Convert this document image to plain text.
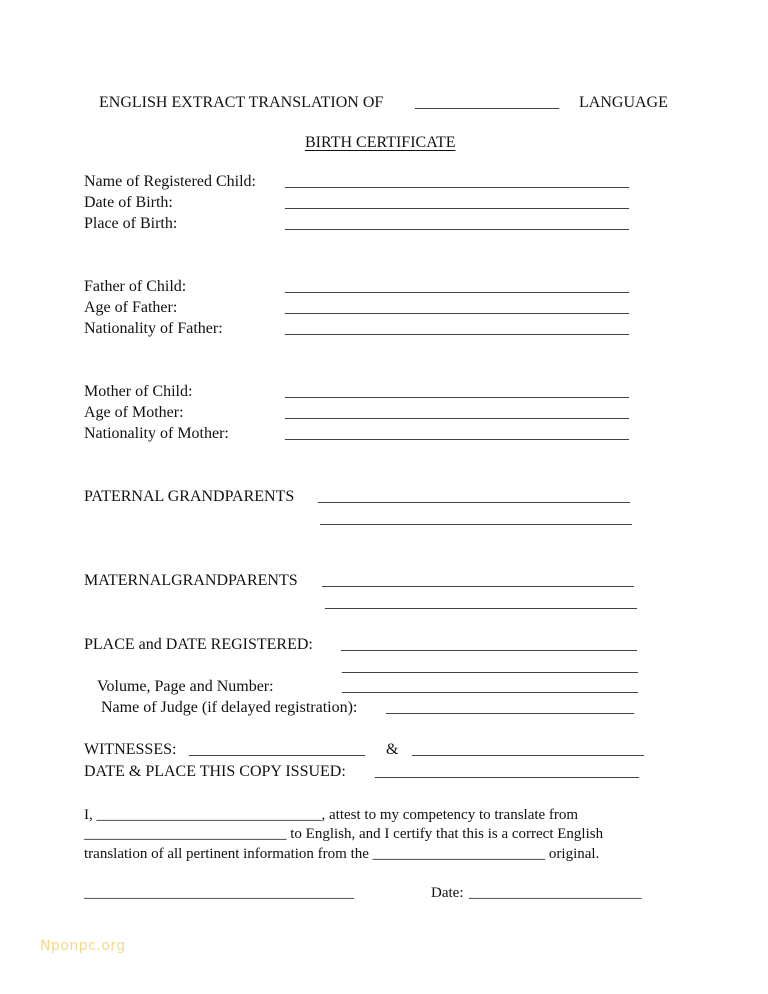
ENGLISH EXTRACT TRANSLATION OF __________________ LANGUAGE
BIRTH CERTIFICATE
Name of Registered Child: ___________________________________________
Date of Birth:	___________________________________________
Place of Birth:	___________________________________________
Father of Child:	___________________________________________
Age of Father:	___________________________________________
Nationality of Father:	___________________________________________
Mother of Child:	___________________________________________
Age of Mother:	___________________________________________
Nationality of Mother:	___________________________________________
PATERNAL GRANDPARENTS _______________________________________
_______________________________________
MATERNALGRANDPARENTS _______________________________________
_______________________________________
PLACE and DATE REGISTERED: _____________________________________
_____________________________________
Volume, Page and Number:	_____________________________________
Name of Judge (if delayed registration): _______________________________
WITNESSES: ______________________ & _____________________________
DATE & PLACE THIS COPY ISSUED: _________________________________
I, ______________________________, attest to my competency to translate from
___________________________ to English, and I certify that this is a correct English
translation of all pertinent information from the _______________________ original.
____________________________________	Date: _______________________
Nponpc.org
